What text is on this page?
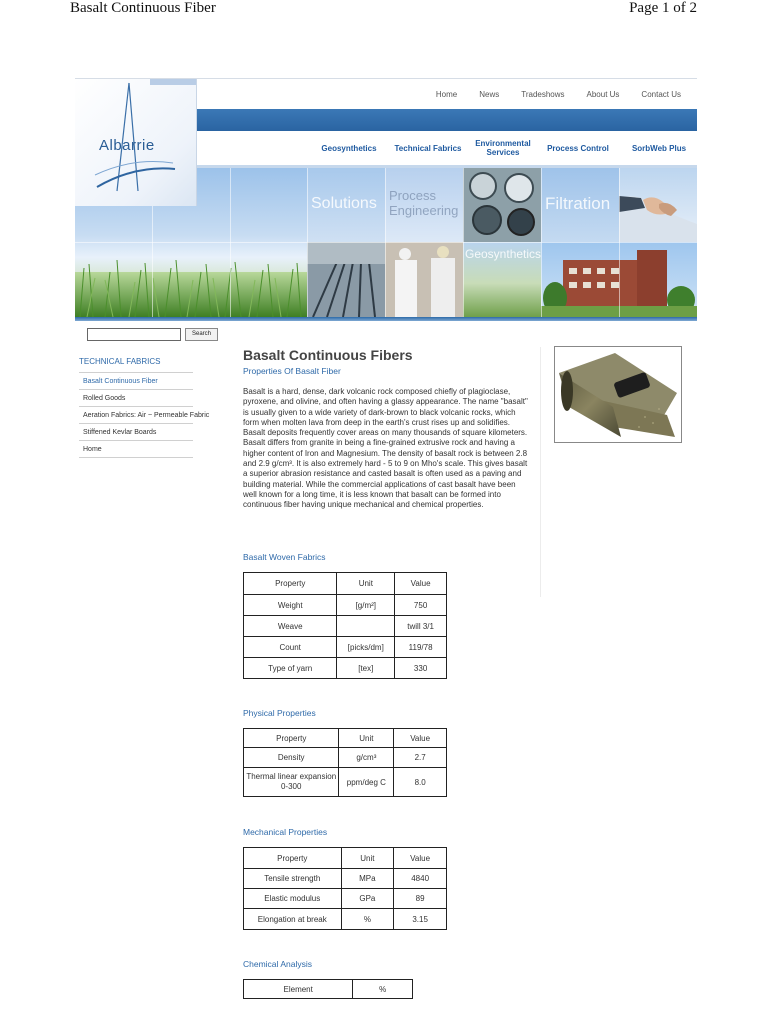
Basalt Continuous Fiber	Page 1 of 2
Albarrie
Home	News	Tradeshows	About Us	Contact Us
Geosynthetics	Technical Fabrics	Environmental Services	Process Control	SorbWeb Plus
Solutions Process Engineering	Filtration
Geosynthetics
Search
TECHNICAL FABRICS
Basalt Continuous Fiber
Rolled Goods
Aeration Fabrics: Air ~ Permeable Fabric
Stiffened Kevlar Boards
Home
Basalt Continuous Fibers
Properties Of Basalt Fiber

Basalt is a hard, dense, dark volcanic rock composed chiefly of plagioclase, pyroxene, and olivine, and often having a glassy appearance. The name "basalt" is usually given to a wide variety of dark-brown to black volcanic rocks, which form when molten lava from deep in the earth's crust rises up and solidifies. Basalt deposits frequently cover areas on many thousands of square kilometers. Basalt differs from granite in being a fine-grained extrusive rock and having a higher content of Iron and Magnesium. The density of basalt rock is between 2.8 and 2.9 g/cm³. It is also extremely hard - 5 to 9 on Mho's scale. This gives basalt a superior abrasion resistance and casted basalt is often used as a paving and building material. While the commercial applications of cast basalt have been well known for a long time, it is less known that basalt can be formed into continuous fiber having unique mechanical and chemical properties.

Basalt Woven Fabrics
Property	Unit	Value
Weight	[g/m²]	750
Weave		twill 3/1
Count	[picks/dm]	119/78
Type of yarn	[tex]	330
Physical Properties
Property	Unit	Value
Density	g/cm³	2.7
Thermal linear expansion 0-300	ppm/deg C	8.0
Mechanical Properties
Property	Unit	Value
Tensile strength	MPa	4840
Elastic modulus	GPa	89
Elongation at break	%	3.15
Chemical Analysis
Element	%
